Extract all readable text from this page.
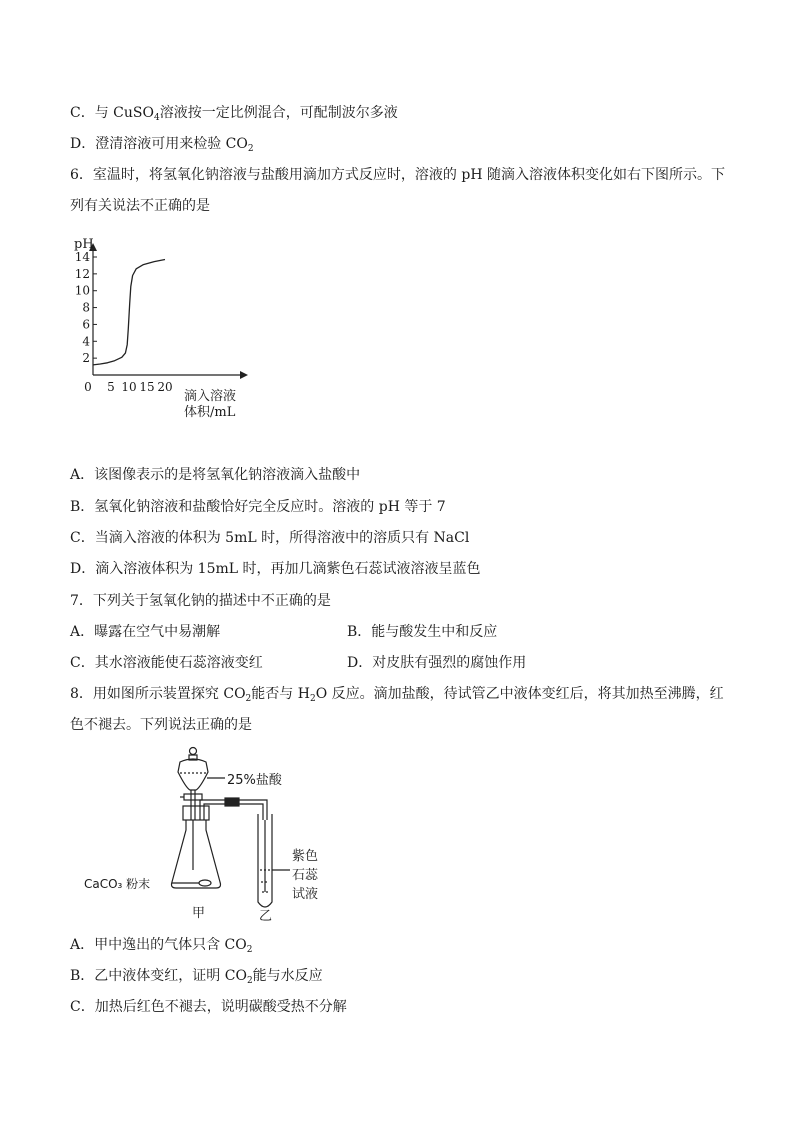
C．与 CuSO$_4$溶液按一定比例混合，可配制波尔多液
D．澄清溶液可用来检验 $CO_2$
6．室温时，将氢氧化钠溶液与盐酸用滴加方式反应时，溶液的 pH 随滴入溶液体积变化如右下图所示。下
列有关说法不正确的是
2
4
6
8
10
12
14
0 5 10 15 20
pH
滴入溶液
体积/mL
A．该图像表示的是将氢氧化钠溶液滴入盐酸中
B．氢氧化钠溶液和盐酸恰好完全反应时。溶液的 pH 等于 7
C．当滴入溶液的体积为 5mL 时，所得溶液中的溶质只有 NaCl
D．滴入溶液体积为 15mL 时，再加几滴紫色石蕊试液溶液呈蓝色
7．下列关于氢氧化钠的描述中不正确的是
A．曝露在空气中易潮解	B．能与酸发生中和反应
C．其水溶液能使石蕊溶液变红	D．对皮肤有强烈的腐蚀作用
8．用如图所示装置探究 $CO_2$能否与 $H_2O$ 反应。滴加盐酸，待试管乙中液体变红后，将其加热至沸腾，红
色不褪去。下列说法正确的是
25%盐酸
CaCO₃ 粉末
甲	乙
紫色
石蕊
试液
A．甲中逸出的气体只含 $CO_2$
B．乙中液体变红，证明 $CO_2$能与水反应
C．加热后红色不褪去，说明碳酸受热不分解
